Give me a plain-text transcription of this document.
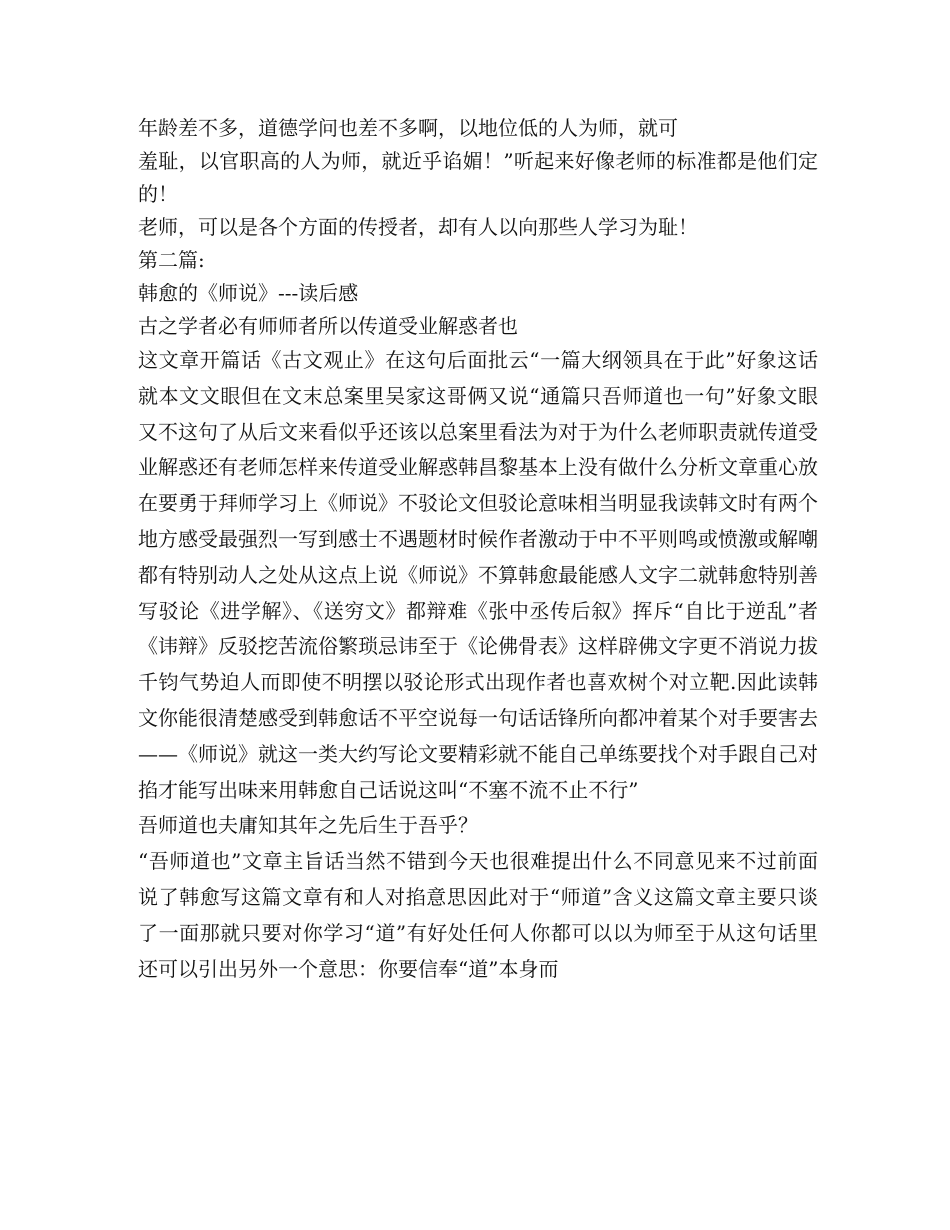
年龄差不多，道德学问也差不多啊，以地位低的人为师，就可

羞耻，以官职高的人为师，就近乎谄媚！”听起来好像老师的标准都是他们定的！

老师，可以是各个方面的传授者，却有人以向那些人学习为耻！

第二篇:

韩愈的《师说》---读后感

古之学者必有师师者所以传道受业解惑者也

这文章开篇话《古文观止》在这句后面批云“一篇大纲领具在于此”好象这话就本文文眼但在文末总案里吴家这哥俩又说“通篇只吾师道也一句”好象文眼又不这句了从后文来看似乎还该以总案里看法为对于为什么老师职责就传道受业解惑还有老师怎样来传道受业解惑韩昌黎基本上没有做什么分析文章重心放在要勇于拜师学习上《师说》不驳论文但驳论意味相当明显我读韩文时有两个地方感受最强烈一写到感士不遇题材时候作者激动于中不平则鸣或愤激或解嘲都有特别动人之处从这点上说《师说》不算韩愈最能感人文字二就韩愈特别善写驳论《进学解》、《送穷文》都辩难《张中丞传后叙》挥斥“自比于逆乱”者《讳辩》反驳挖苦流俗繁琐忌讳至于《论佛骨表》这样辟佛文字更不消说力拔千钧气势迫人而即使不明摆以驳论形式出现作者也喜欢树个对立靶.因此读韩文你能很清楚感受到韩愈话不平空说每一句话话锋所向都冲着某个对手要害去——《师说》就这一类大约写论文要精彩就不能自己单练要找个对手跟自己对掐才能写出味来用韩愈自己话说这叫“不塞不流不止不行”

吾师道也夫庸知其年之先后生于吾乎？

“吾师道也”文章主旨话当然不错到今天也很难提出什么不同意见来不过前面说了韩愈写这篇文章有和人对掐意思因此对于“师道”含义这篇文章主要只谈了一面那就只要对你学习“道”有好处任何人你都可以以为师至于从这句话里还可以引出另外一个意思：你要信奉“道”本身而
